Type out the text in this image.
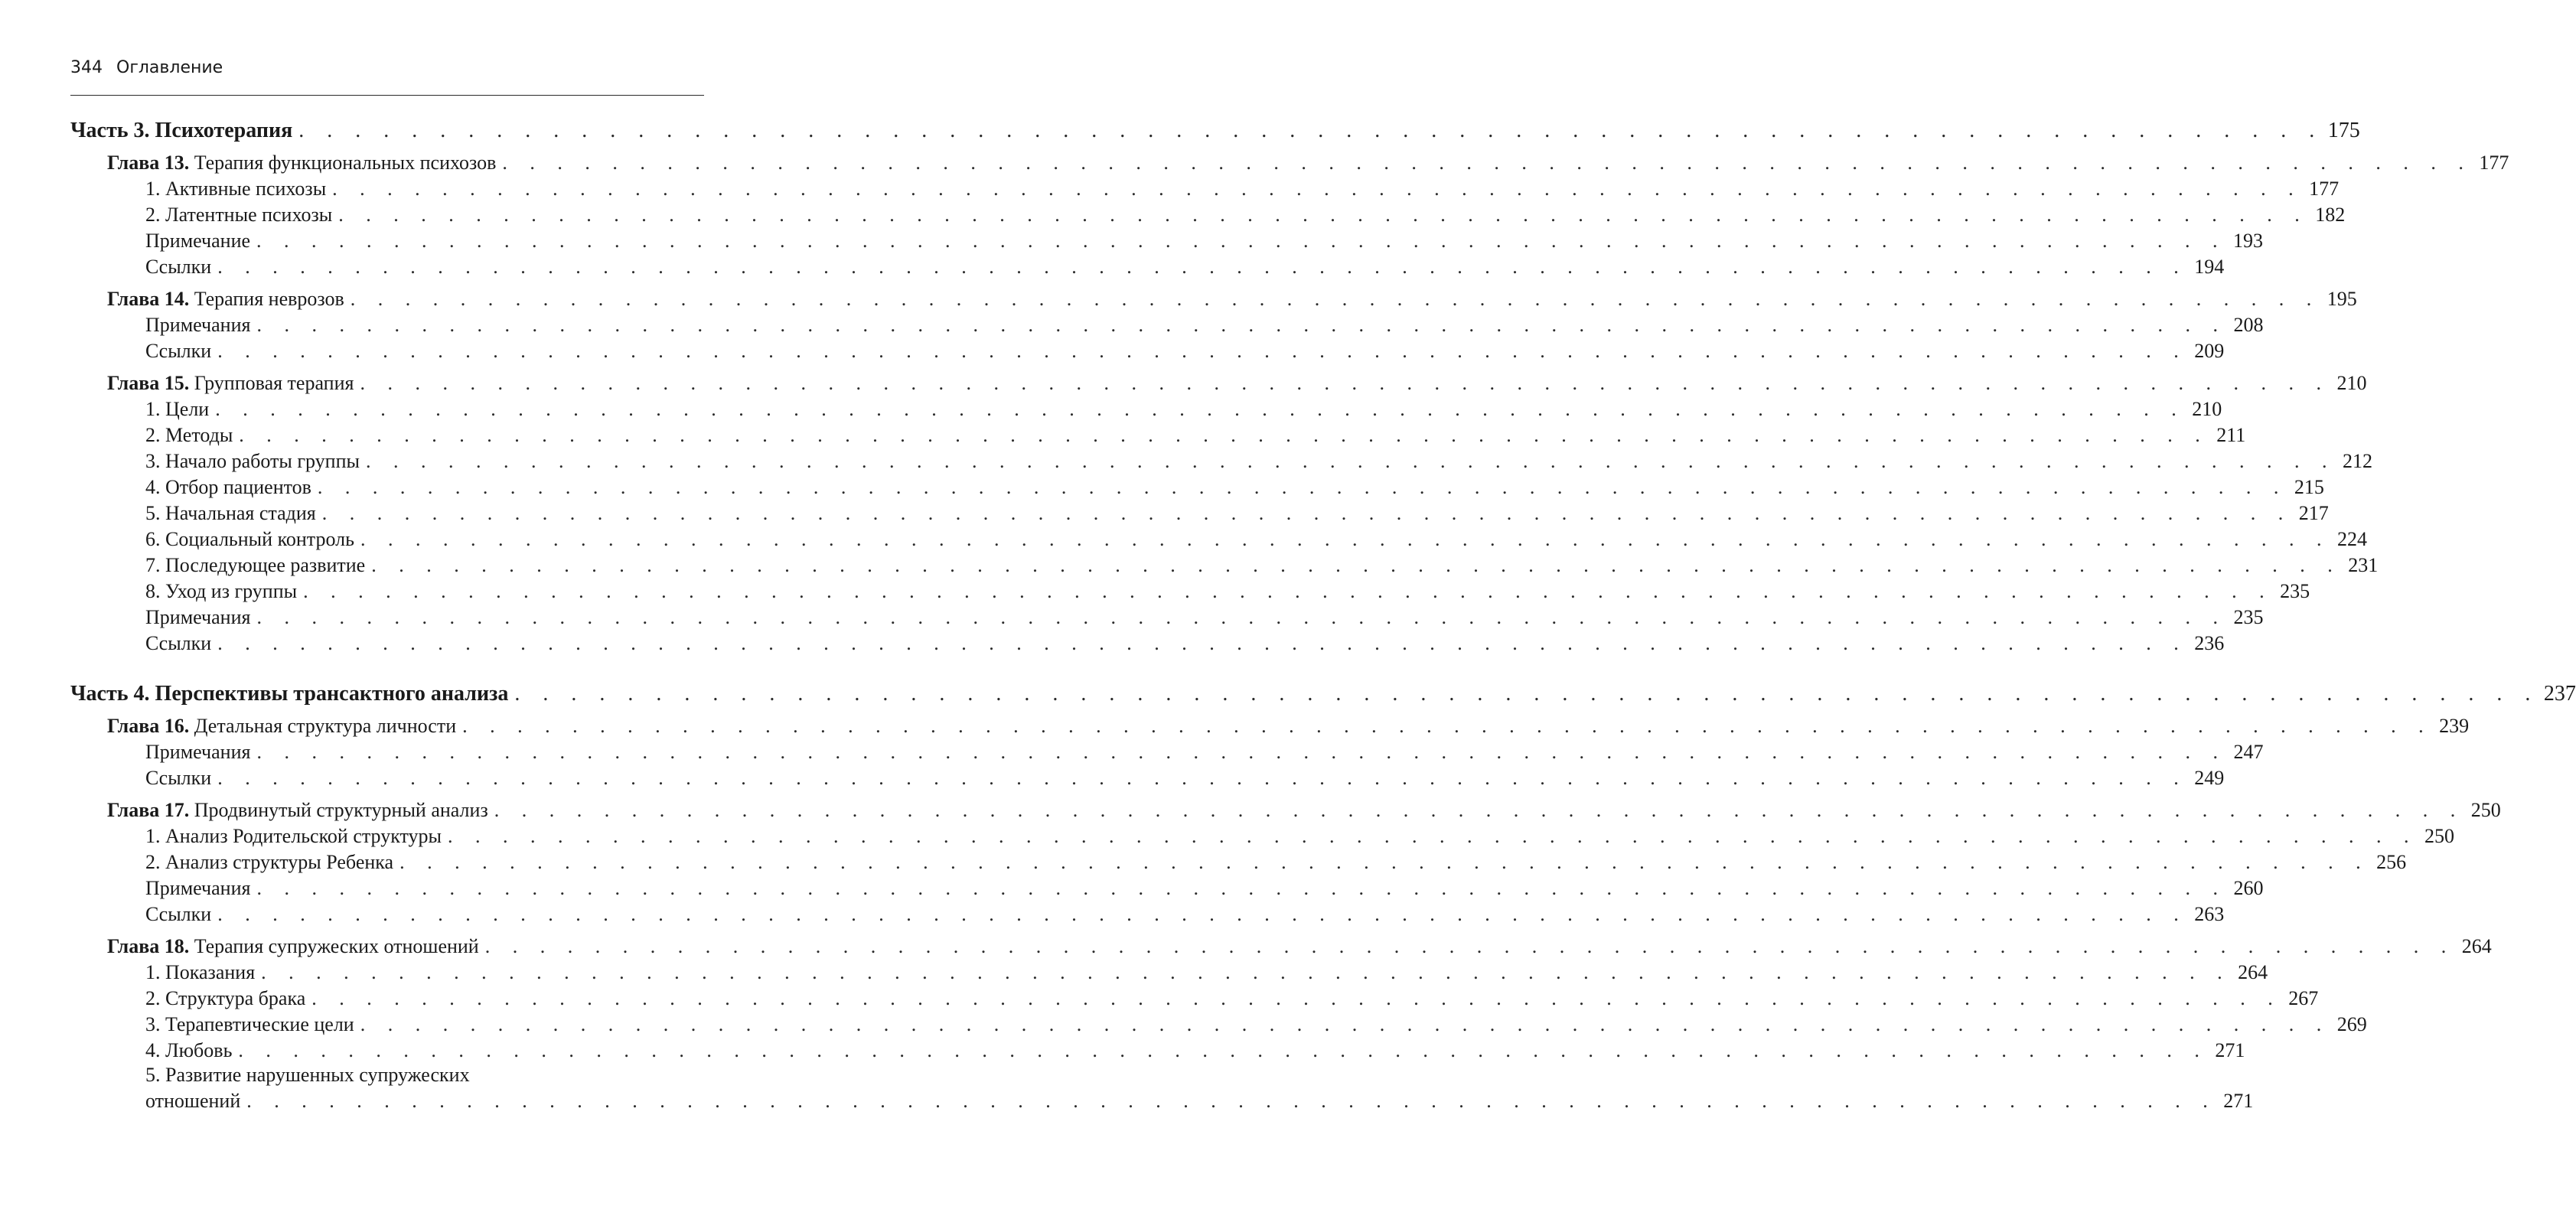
344 Оглавление
Часть 3. Психотерапия . . . . . . . . . . . . . . . . . . . . . . . . . . . . . . . . . . . . . . . . . . . . . . . . . . . . . . . . . . . . . . . . . . . . . . . . 175
Глава 13. Терапия функциональных психозов . . . . . . . . . . . . . . . . . . . . . . . . . . . . . . . . . . . . . . . . . . . . . . . . . . . . . . . . . . . . . . . . . . . . . . . . 177
1. Активные психозы . . . . . . . . . . . . . . . . . . . . . . . . . . . . . . . . . . . . . . . . . . . . . . . . . . . . . . . . . . . . . . . . . . . . . . . . 177
2. Латентные психозы . . . . . . . . . . . . . . . . . . . . . . . . . . . . . . . . . . . . . . . . . . . . . . . . . . . . . . . . . . . . . . . . . . . . . . . . 182
Примечание . . . . . . . . . . . . . . . . . . . . . . . . . . . . . . . . . . . . . . . . . . . . . . . . . . . . . . . . . . . . . . . . . . . . . . . . 193
Ссылки . . . . . . . . . . . . . . . . . . . . . . . . . . . . . . . . . . . . . . . . . . . . . . . . . . . . . . . . . . . . . . . . . . . . . . . . 194
Глава 14. Терапия неврозов . . . . . . . . . . . . . . . . . . . . . . . . . . . . . . . . . . . . . . . . . . . . . . . . . . . . . . . . . . . . . . . . . . . . . . . . 195
Примечания . . . . . . . . . . . . . . . . . . . . . . . . . . . . . . . . . . . . . . . . . . . . . . . . . . . . . . . . . . . . . . . . . . . . . . . . 208
Ссылки . . . . . . . . . . . . . . . . . . . . . . . . . . . . . . . . . . . . . . . . . . . . . . . . . . . . . . . . . . . . . . . . . . . . . . . . 209
Глава 15. Групповая терапия . . . . . . . . . . . . . . . . . . . . . . . . . . . . . . . . . . . . . . . . . . . . . . . . . . . . . . . . . . . . . . . . . . . . . . . . 210
1. Цели . . . . . . . . . . . . . . . . . . . . . . . . . . . . . . . . . . . . . . . . . . . . . . . . . . . . . . . . . . . . . . . . . . . . . . . . 210
2. Методы . . . . . . . . . . . . . . . . . . . . . . . . . . . . . . . . . . . . . . . . . . . . . . . . . . . . . . . . . . . . . . . . . . . . . . . . 211
3. Начало работы группы . . . . . . . . . . . . . . . . . . . . . . . . . . . . . . . . . . . . . . . . . . . . . . . . . . . . . . . . . . . . . . . . . . . . . . . . 212
4. Отбор пациентов . . . . . . . . . . . . . . . . . . . . . . . . . . . . . . . . . . . . . . . . . . . . . . . . . . . . . . . . . . . . . . . . . . . . . . . . 215
5. Начальная стадия . . . . . . . . . . . . . . . . . . . . . . . . . . . . . . . . . . . . . . . . . . . . . . . . . . . . . . . . . . . . . . . . . . . . . . . . 217
6. Социальный контроль . . . . . . . . . . . . . . . . . . . . . . . . . . . . . . . . . . . . . . . . . . . . . . . . . . . . . . . . . . . . . . . . . . . . . . . . 224
7. Последующее развитие . . . . . . . . . . . . . . . . . . . . . . . . . . . . . . . . . . . . . . . . . . . . . . . . . . . . . . . . . . . . . . . . . . . . . . . . 231
8. Уход из группы . . . . . . . . . . . . . . . . . . . . . . . . . . . . . . . . . . . . . . . . . . . . . . . . . . . . . . . . . . . . . . . . . . . . . . . . 235
Примечания . . . . . . . . . . . . . . . . . . . . . . . . . . . . . . . . . . . . . . . . . . . . . . . . . . . . . . . . . . . . . . . . . . . . . . . . 235
Ссылки . . . . . . . . . . . . . . . . . . . . . . . . . . . . . . . . . . . . . . . . . . . . . . . . . . . . . . . . . . . . . . . . . . . . . . . . 236
Часть 4. Перспективы трансактного анализа . . . . . . . . . . . . . . . . . . . . . . . . . . . . . . . . . . . . . . . . . . . . . . . . . . . . . . . . . . . . . . . . . . . . . . . . 237
Глава 16. Детальная структура личности . . . . . . . . . . . . . . . . . . . . . . . . . . . . . . . . . . . . . . . . . . . . . . . . . . . . . . . . . . . . . . . . . . . . . . . . 239
Примечания . . . . . . . . . . . . . . . . . . . . . . . . . . . . . . . . . . . . . . . . . . . . . . . . . . . . . . . . . . . . . . . . . . . . . . . . 247
Ссылки . . . . . . . . . . . . . . . . . . . . . . . . . . . . . . . . . . . . . . . . . . . . . . . . . . . . . . . . . . . . . . . . . . . . . . . . 249
Глава 17. Продвинутый структурный анализ . . . . . . . . . . . . . . . . . . . . . . . . . . . . . . . . . . . . . . . . . . . . . . . . . . . . . . . . . . . . . . . . . . . . . . . . 250
1. Анализ Родительской структуры . . . . . . . . . . . . . . . . . . . . . . . . . . . . . . . . . . . . . . . . . . . . . . . . . . . . . . . . . . . . . . . . . . . . . . . . 250
2. Анализ структуры Ребенка . . . . . . . . . . . . . . . . . . . . . . . . . . . . . . . . . . . . . . . . . . . . . . . . . . . . . . . . . . . . . . . . . . . . . . . . 256
Примечания . . . . . . . . . . . . . . . . . . . . . . . . . . . . . . . . . . . . . . . . . . . . . . . . . . . . . . . . . . . . . . . . . . . . . . . . 260
Ссылки . . . . . . . . . . . . . . . . . . . . . . . . . . . . . . . . . . . . . . . . . . . . . . . . . . . . . . . . . . . . . . . . . . . . . . . . 263
Глава 18. Терапия супружеских отношений . . . . . . . . . . . . . . . . . . . . . . . . . . . . . . . . . . . . . . . . . . . . . . . . . . . . . . . . . . . . . . . . . . . . . . . . 264
1. Показания . . . . . . . . . . . . . . . . . . . . . . . . . . . . . . . . . . . . . . . . . . . . . . . . . . . . . . . . . . . . . . . . . . . . . . . . 264
2. Структура брака . . . . . . . . . . . . . . . . . . . . . . . . . . . . . . . . . . . . . . . . . . . . . . . . . . . . . . . . . . . . . . . . . . . . . . . . 267
3. Терапевтические цели . . . . . . . . . . . . . . . . . . . . . . . . . . . . . . . . . . . . . . . . . . . . . . . . . . . . . . . . . . . . . . . . . . . . . . . . 269
4. Любовь . . . . . . . . . . . . . . . . . . . . . . . . . . . . . . . . . . . . . . . . . . . . . . . . . . . . . . . . . . . . . . . . . . . . . . . . 271
5. Развитие нарушенных супружеских
отношений . . . . . . . . . . . . . . . . . . . . . . . . . . . . . . . . . . . . . . . . . . . . . . . . . . . . . . . . . . . . . . . . . . . . . . . . 271
